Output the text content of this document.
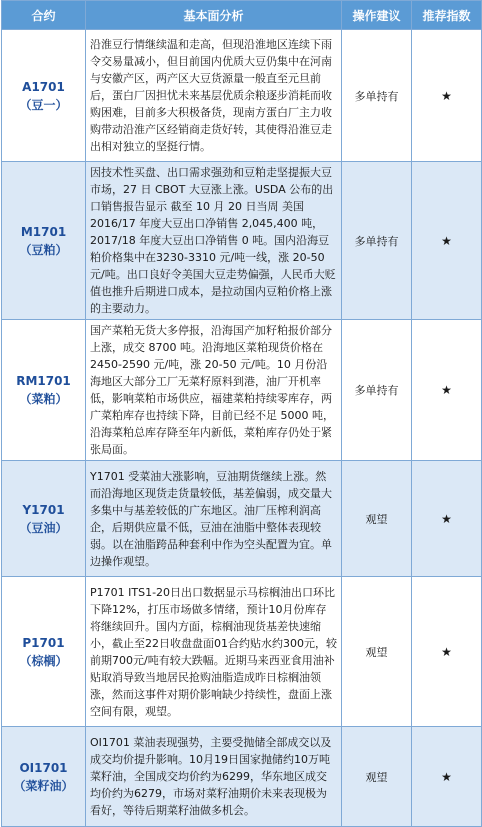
合约	基本面分析	操作建议	推荐指数

A1701
（豆一）	沿淮豆行情继续温和走高，但现沿淮地区连续下雨令交易量减小，但目前国内优质大豆仍集中在河南与安徽产区，两产区大豆货源量一般直至元旦前后，蛋白厂因担忧未来基层优质余粮逐步消耗而收购困难，目前多大积极备货，现南方蛋白厂主力收购带动沿淮产区经销商走货好转，其使得沿淮豆走出相对独立的坚挺行情。	多单持有	★

M1701
（豆粕）	因技术性买盘、出口需求强劲和豆粕走坚提振大豆市场，27 日 CBOT 大豆涨上涨。USDA 公布的出口销售报告显示 截至 10 月 20 日当周 美国 2016/17 年度大豆出口净销售 2,045,400 吨，2017/18 年度大豆出口净销售 0 吨。国内沿海豆粕价格集中在3230-3310 元/吨一线，涨 20-50 元/吨。出口良好令美国大豆走势偏强，人民币大贬值也推升后期进口成本，是拉动国内豆粕价格上涨的主要动力。	多单持有	★

RM1701
（菜粕）	国产菜粕无货大多停报，沿海国产加籽粕报价部分上涨，成交 8700 吨。沿海地区菜粕现货价格在2450-2590 元/吨，涨 20-50 元/吨。10 月份沿海地区大部分工厂无菜籽原料到港，油厂开机率低，影响菜粕市场供应，福建菜粕持续零库存，两广菜粕库存也持续下降，目前已经不足 5000 吨，沿海菜粕总库存降至年内新低，菜粕库存仍处于紧张局面。	多单持有	★

Y1701
（豆油）	Y1701 受菜油大涨影响，豆油期货继续上涨。然而沿海地区现货走货量较低，基差偏弱，成交量大多集中与基差较低的广东地区。油厂压榨利润高企，后期供应量不低，豆油在油脂中整体表现较弱。以在油脂跨品种套利中作为空头配置为宜。单边操作观望。	观望	★

P1701
（棕榈）	P1701 ITS1-20日出口数据显示马棕榈油出口环比下降12%，打压市场做多情绪，预计10月份库存将继续回升。国内方面，棕榈油现货基差快速缩小，截止至22日收盘盘面01合约贴水约300元，较前期700元/吨有较大跌幅。近期马来西亚食用油补贴取消导致当地居民抢购油脂造成昨日棕榈油领涨，然而这事件对期价影响缺少持续性，盘面上涨空间有限，观望。	观望	★

OI1701
（菜籽油）	OI1701 菜油表现强势，主要受抛储全部成交以及成交均价提升影响。10月19日国家抛储约10万吨菜籽油，全国成交均价约为6299，华东地区成交均价约为6279，市场对菜籽油期价未来表现极为看好，等待后期菜籽油做多机会。	观望	★
